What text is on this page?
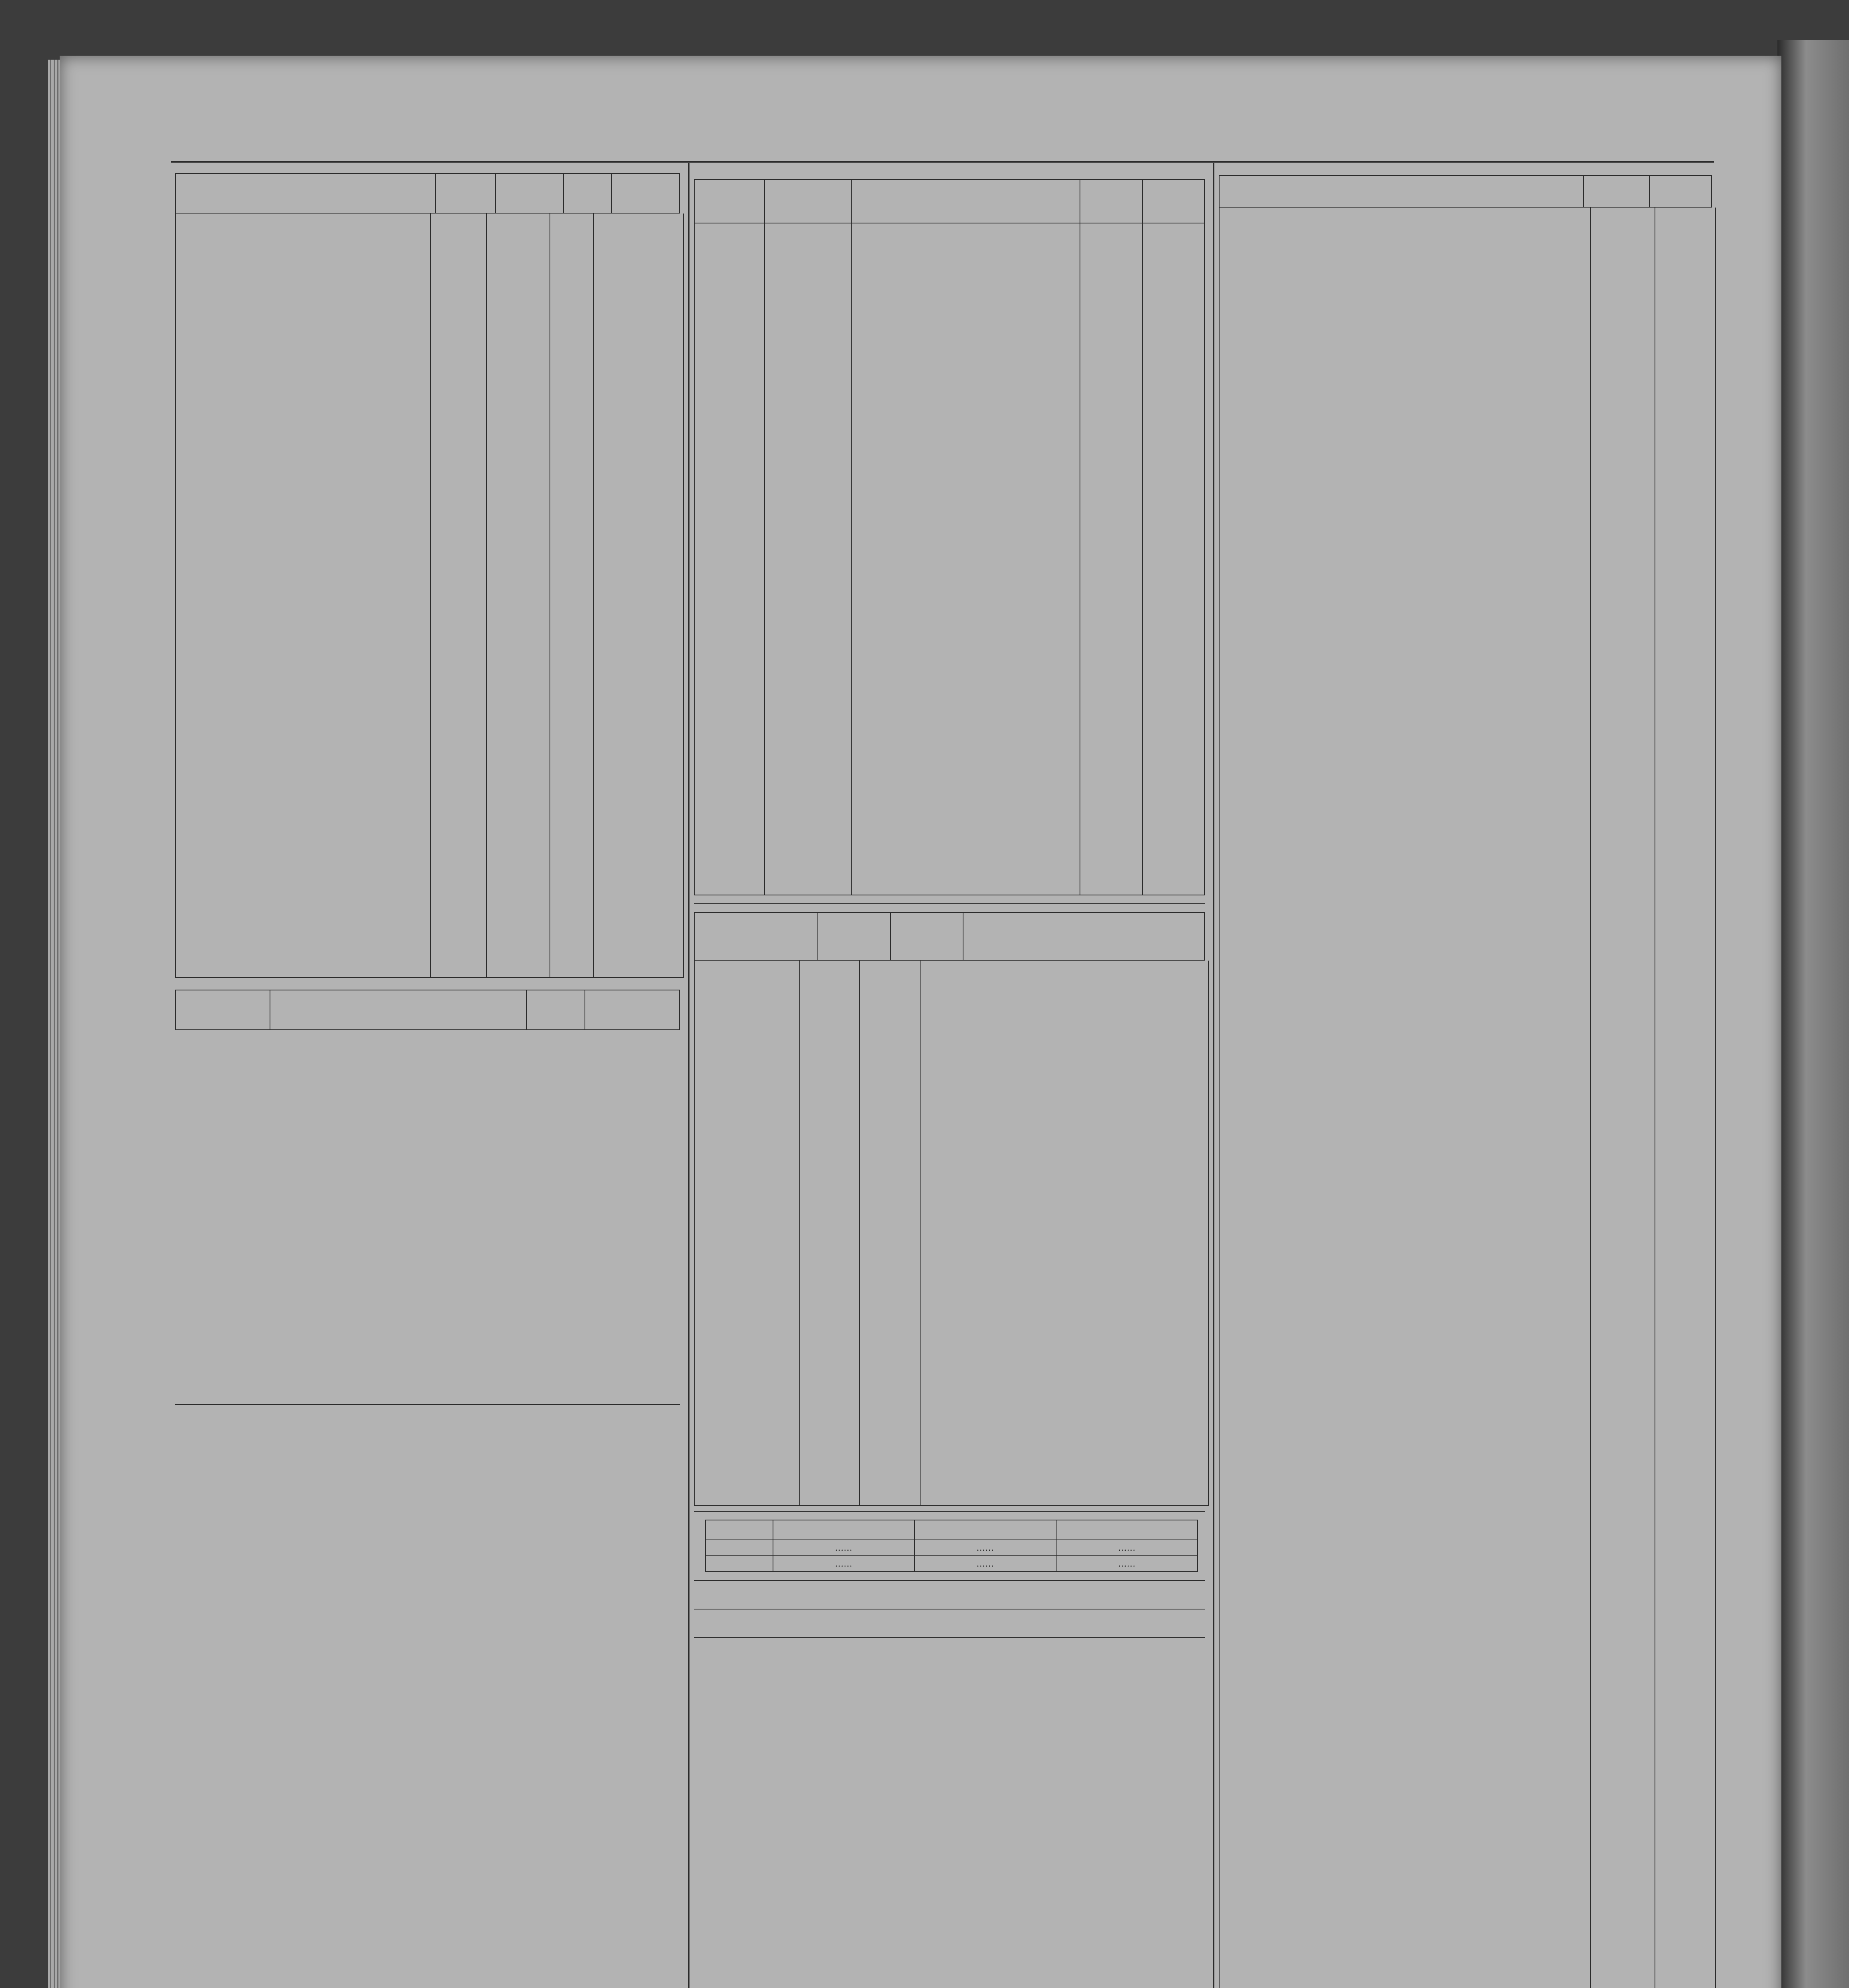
	……	……	……
	……	……	……
